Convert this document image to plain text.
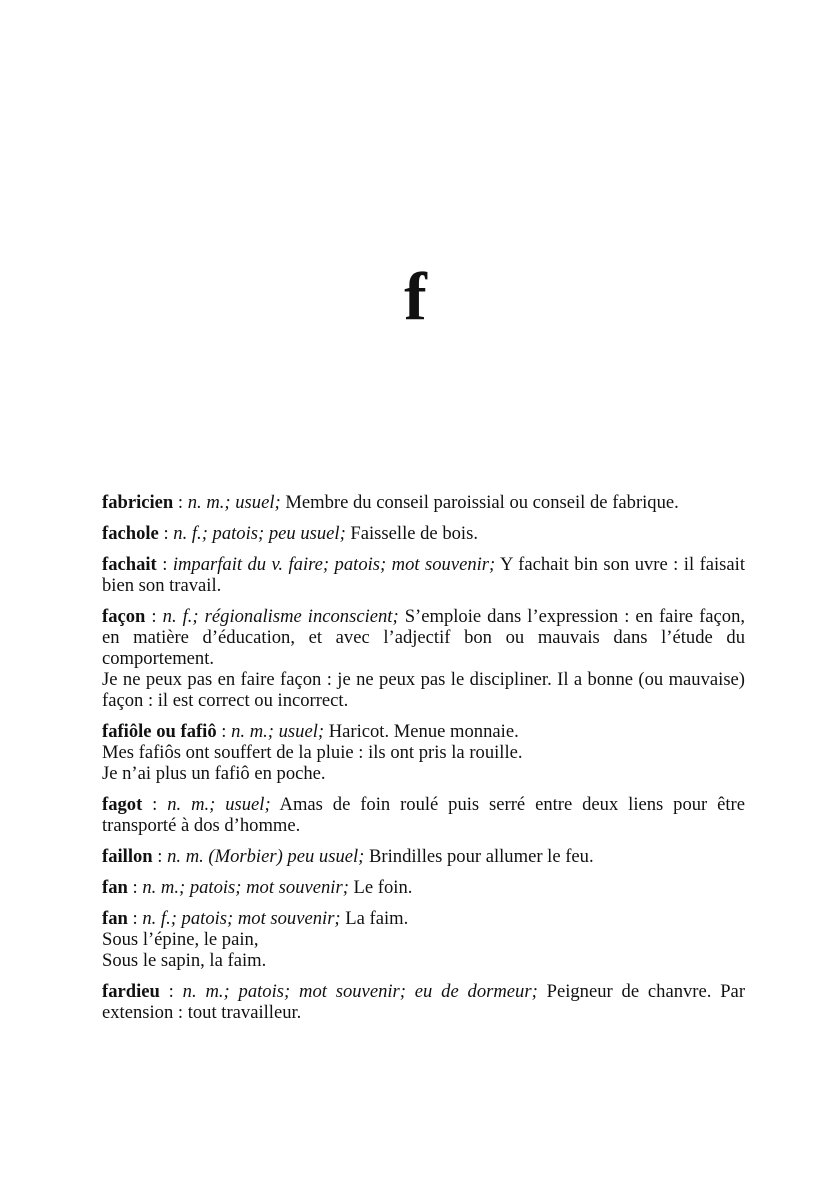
f

fabricien : n. m.; usuel; Membre du conseil paroissial ou conseil de fabrique.

fachole : n. f.; patois; peu usuel; Faisselle de bois.

fachait : imparfait du v. faire; patois; mot souvenir; Y fachait bin son uvre : il faisait bien son travail.

façon : n. f.; régionalisme inconscient; S’emploie dans l’expression : en faire façon, en matière d’éducation, et avec l’adjectif bon ou mauvais dans l’étude du comportement.

Je ne peux pas en faire façon : je ne peux pas le discipliner. Il a bonne (ou mauvaise) façon : il est correct ou incorrect.

fafiôle ou fafiô : n. m.; usuel; Haricot. Menue monnaie.

Mes fafiôs ont souffert de la pluie : ils ont pris la rouille.

Je n’ai plus un fafiô en poche.

fagot : n. m.; usuel; Amas de foin roulé puis serré entre deux liens pour être transporté à dos d’homme.

faillon : n. m. (Morbier) peu usuel; Brindilles pour allumer le feu.

fan : n. m.; patois; mot souvenir; Le foin.

fan : n. f.; patois; mot souvenir; La faim.

Sous l’épine, le pain,

Sous le sapin, la faim.

fardieu : n. m.; patois; mot souvenir; eu de dormeur; Peigneur de chanvre. Par extension : tout travailleur.
